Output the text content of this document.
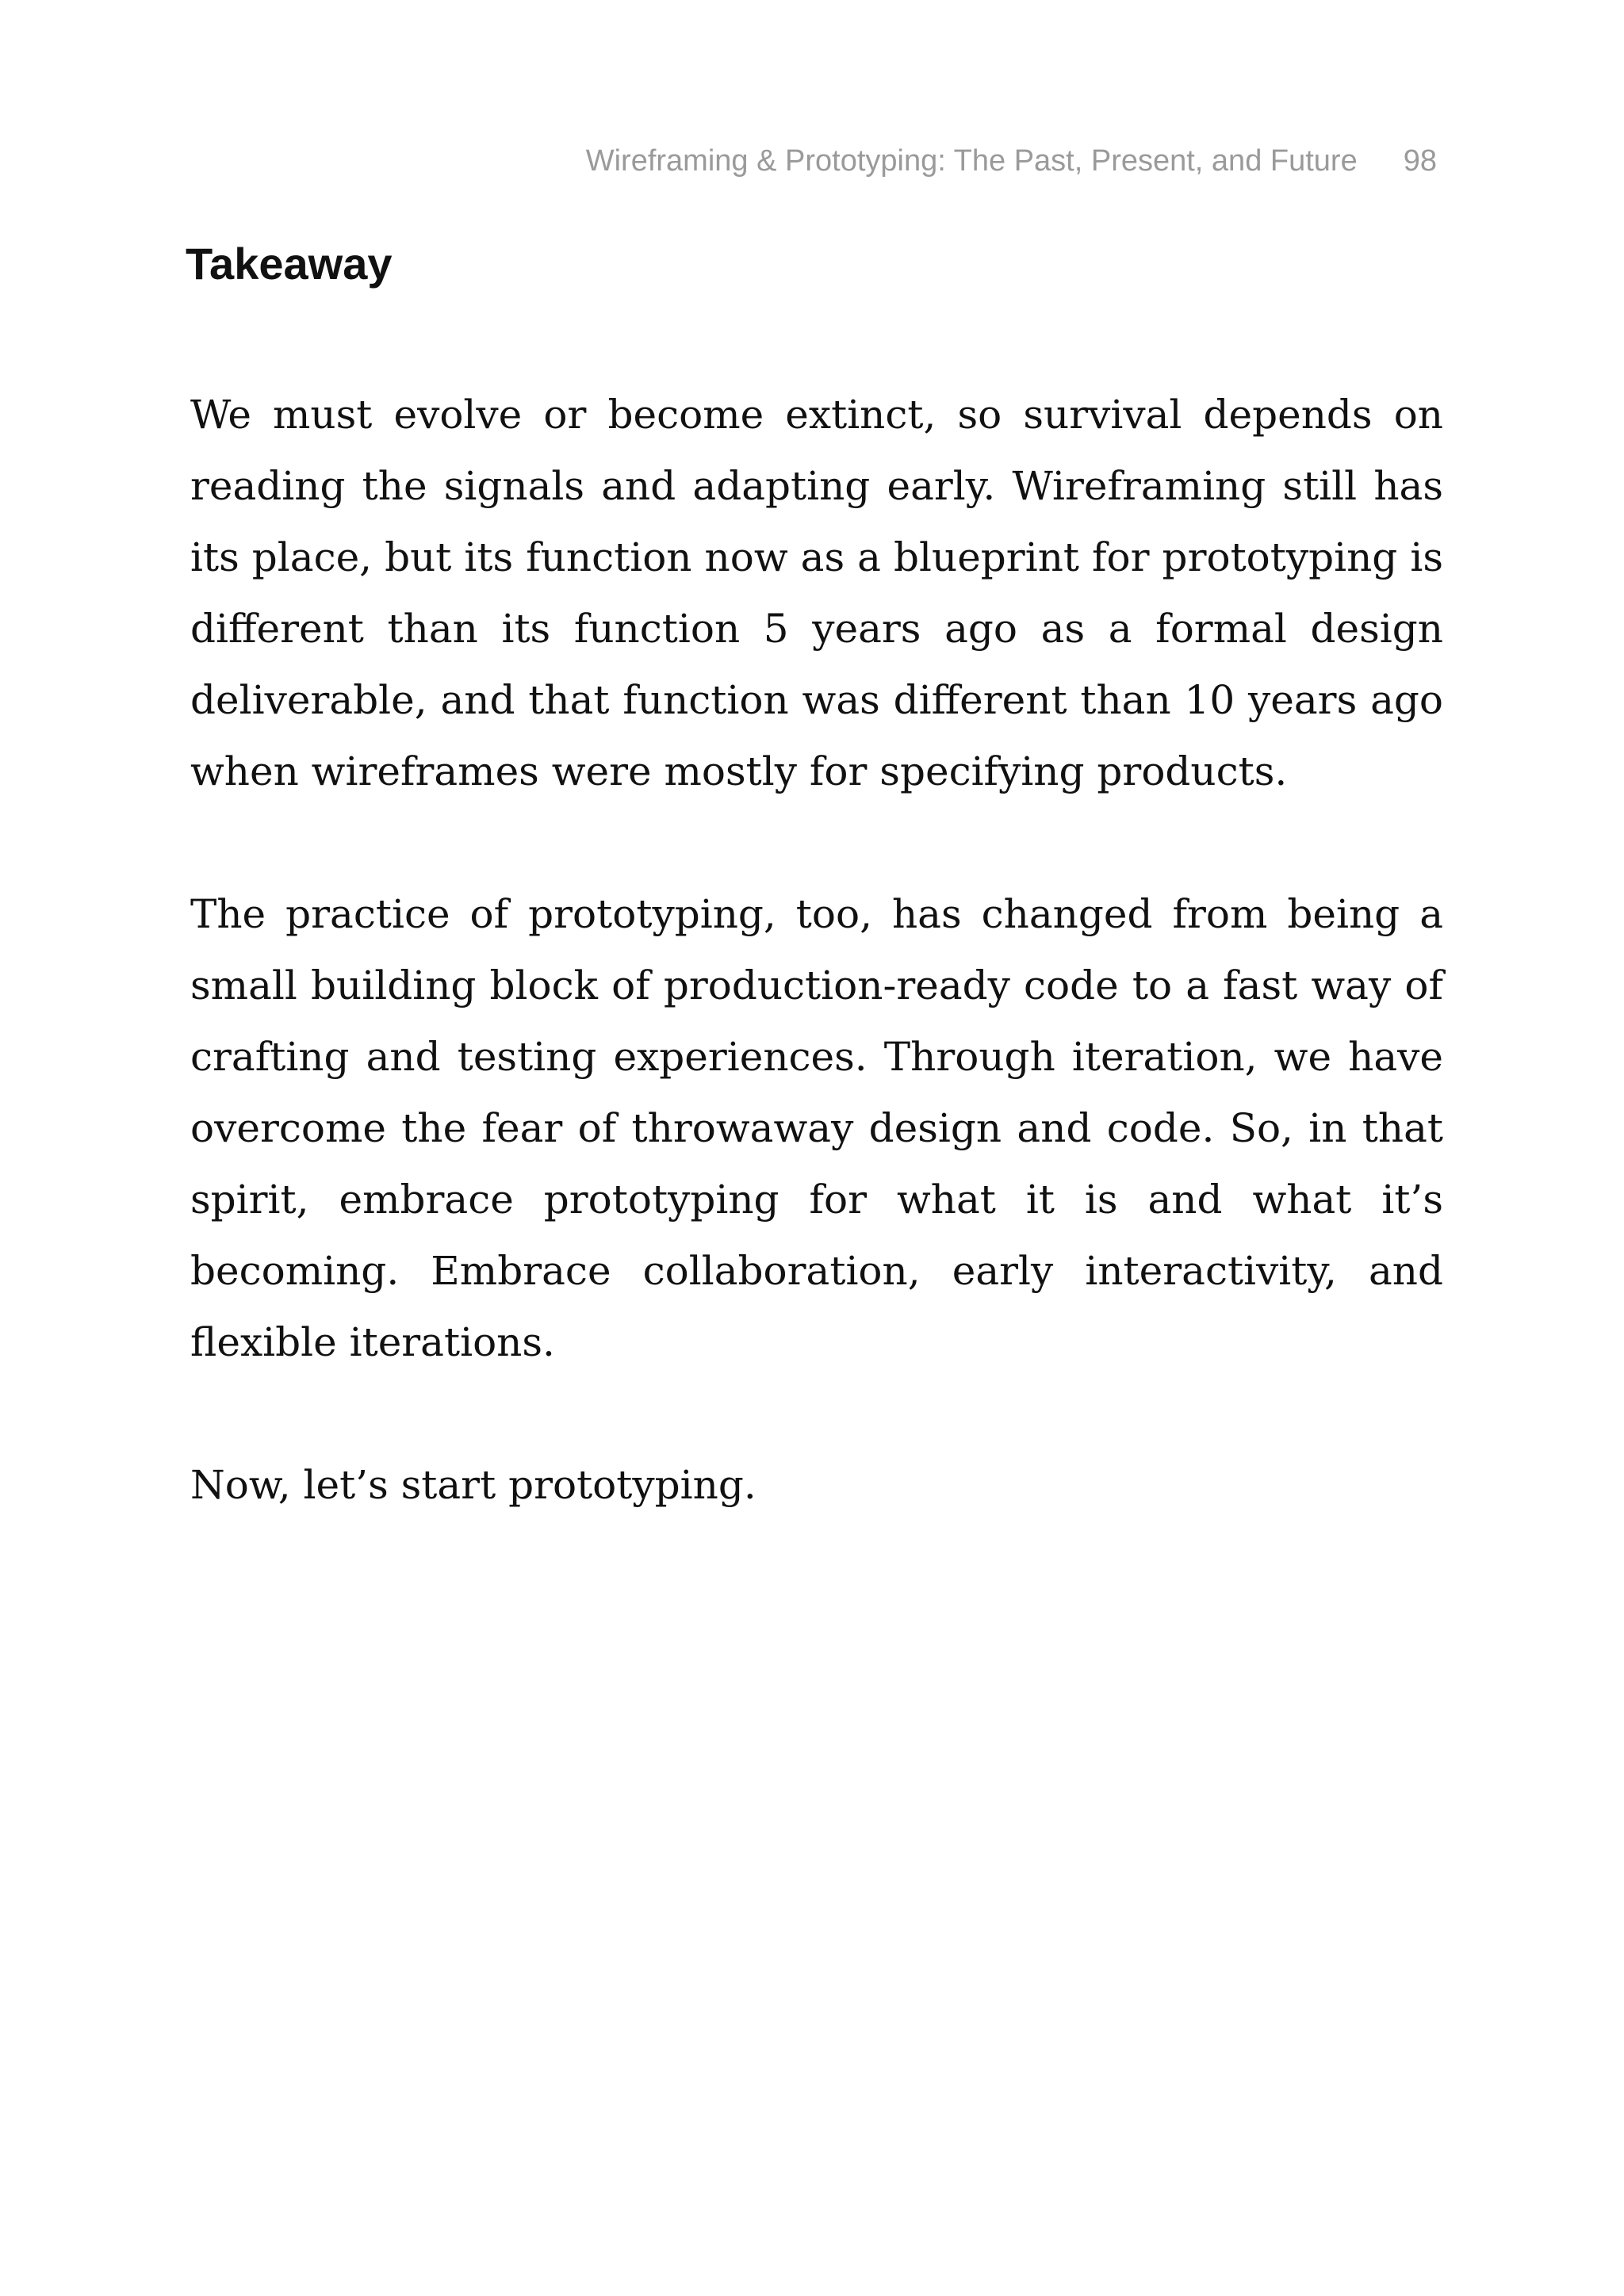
Wireframing & Prototyping: The Past, Present, and Future 98
Takeaway

We must evolve or become extinct, so survival depends on reading the signals and adapting early. Wireframing still has its place, but its function now as a blueprint for prototyping is different than its function 5 years ago as a formal design deliverable, and that function was different than 10 years ago when wireframes were mostly for specifying products.

The practice of prototyping, too, has changed from being a small building block of production-ready code to a fast way of crafting and testing experiences. Through iteration, we have overcome the fear of throwaway design and code. So, in that spirit, embrace prototyping for what it is and what it’s becoming. Embrace collaboration, early interactivity, and flexible iterations.

Now, let’s start prototyping.
